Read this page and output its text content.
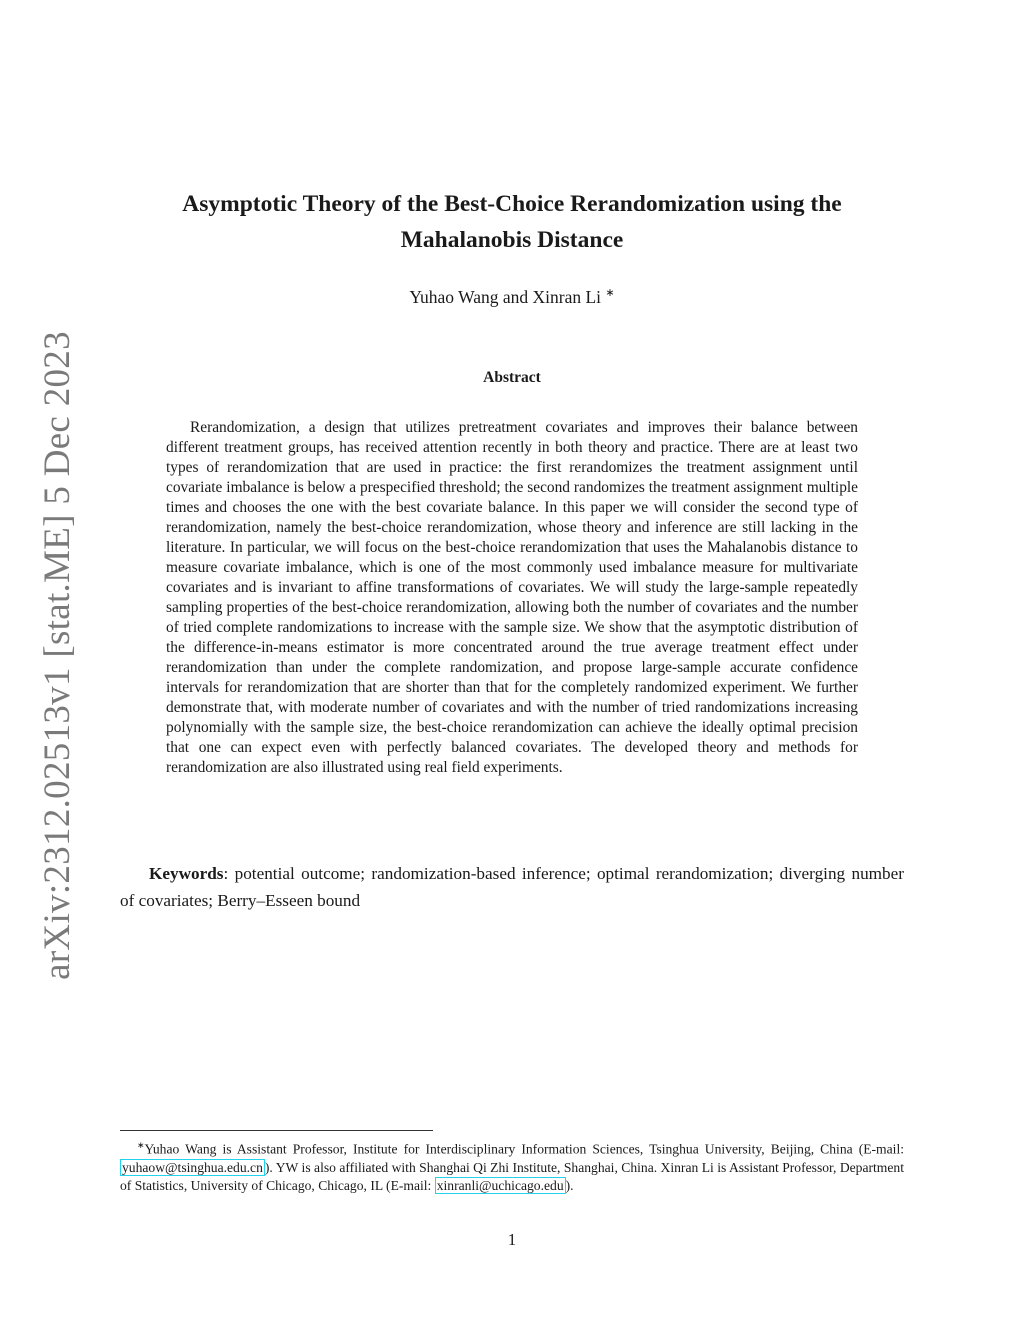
arXiv:2312.02513v1 [stat.ME] 5 Dec 2023
Asymptotic Theory of the Best-Choice Rerandomization using the Mahalanobis Distance
Yuhao Wang and Xinran Li ∗
Abstract

Rerandomization, a design that utilizes pretreatment covariates and improves their balance between different treatment groups, has received attention recently in both theory and practice. There are at least two types of rerandomization that are used in practice: the first rerandomizes the treatment assignment until covariate imbalance is below a prespecified threshold; the second randomizes the treatment assignment multiple times and chooses the one with the best covariate balance. In this paper we will consider the second type of rerandomization, namely the best-choice rerandomization, whose theory and inference are still lacking in the literature. In particular, we will focus on the best-choice rerandomization that uses the Mahalanobis distance to measure covariate imbalance, which is one of the most commonly used imbalance measure for multivariate covariates and is invariant to affine transformations of covariates. We will study the large-sample repeatedly sampling properties of the best-choice rerandomization, allowing both the number of covariates and the number of tried complete randomizations to increase with the sample size. We show that the asymptotic distribution of the difference-in-means estimator is more concentrated around the true average treatment effect under rerandomization than under the complete randomization, and propose large-sample accurate confidence intervals for rerandomization that are shorter than that for the completely randomized experiment. We further demonstrate that, with moderate number of covariates and with the number of tried randomizations increasing polynomially with the sample size, the best-choice rerandomization can achieve the ideally optimal precision that one can expect even with perfectly balanced covariates. The developed theory and methods for rerandomization are also illustrated using real field experiments.

Keywords: potential outcome; randomization-based inference; optimal rerandomization; diverging number of covariates; Berry–Esseen bound

∗Yuhao Wang is Assistant Professor, Institute for Interdisciplinary Information Sciences, Tsinghua University, Beijing, China (E-mail: yuhaow@tsinghua.edu.cn ). YW is also affiliated with Shanghai Qi Zhi Institute, Shanghai, China. Xinran Li is Assistant Professor, Department of Statistics, University of Chicago, Chicago, IL (E-mail: xinranli@uchicago.edu ).

1
